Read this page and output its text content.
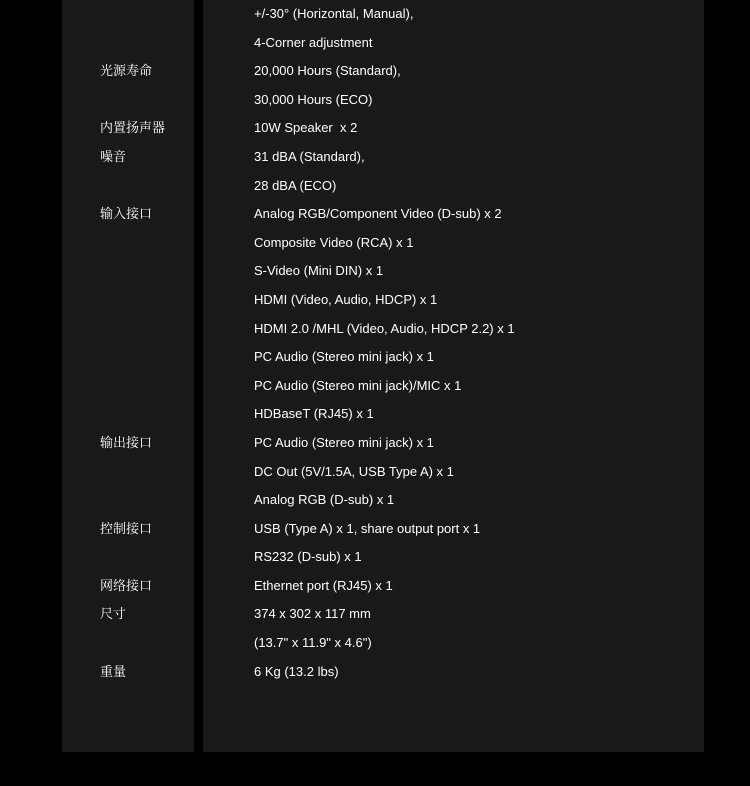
+/-30° (Horizontal, Manual),
4-Corner adjustment
光源寿命	20,000 Hours (Standard),
30,000 Hours (ECO)
内置扬声器	10W Speaker  x 2
噪音	31 dBA (Standard),
28 dBA (ECO)
输入接口	Analog RGB/Component Video (D-sub) x 2
Composite Video (RCA) x 1
S-Video (Mini DIN) x 1
HDMI (Video, Audio, HDCP) x 1
HDMI 2.0 /MHL (Video, Audio, HDCP 2.2) x 1
PC Audio (Stereo mini jack) x 1
PC Audio (Stereo mini jack)/MIC x 1
HDBaseT (RJ45) x 1
输出接口	PC Audio (Stereo mini jack) x 1
DC Out (5V/1.5A, USB Type A) x 1
Analog RGB (D-sub) x 1
控制接口	USB (Type A) x 1, share output port x 1
RS232 (D-sub) x 1
网络接口	Ethernet port (RJ45) x 1
尺寸	374 x 302 x 117 mm
(13.7" x 11.9" x 4.6")
重量	6 Kg (13.2 lbs)
